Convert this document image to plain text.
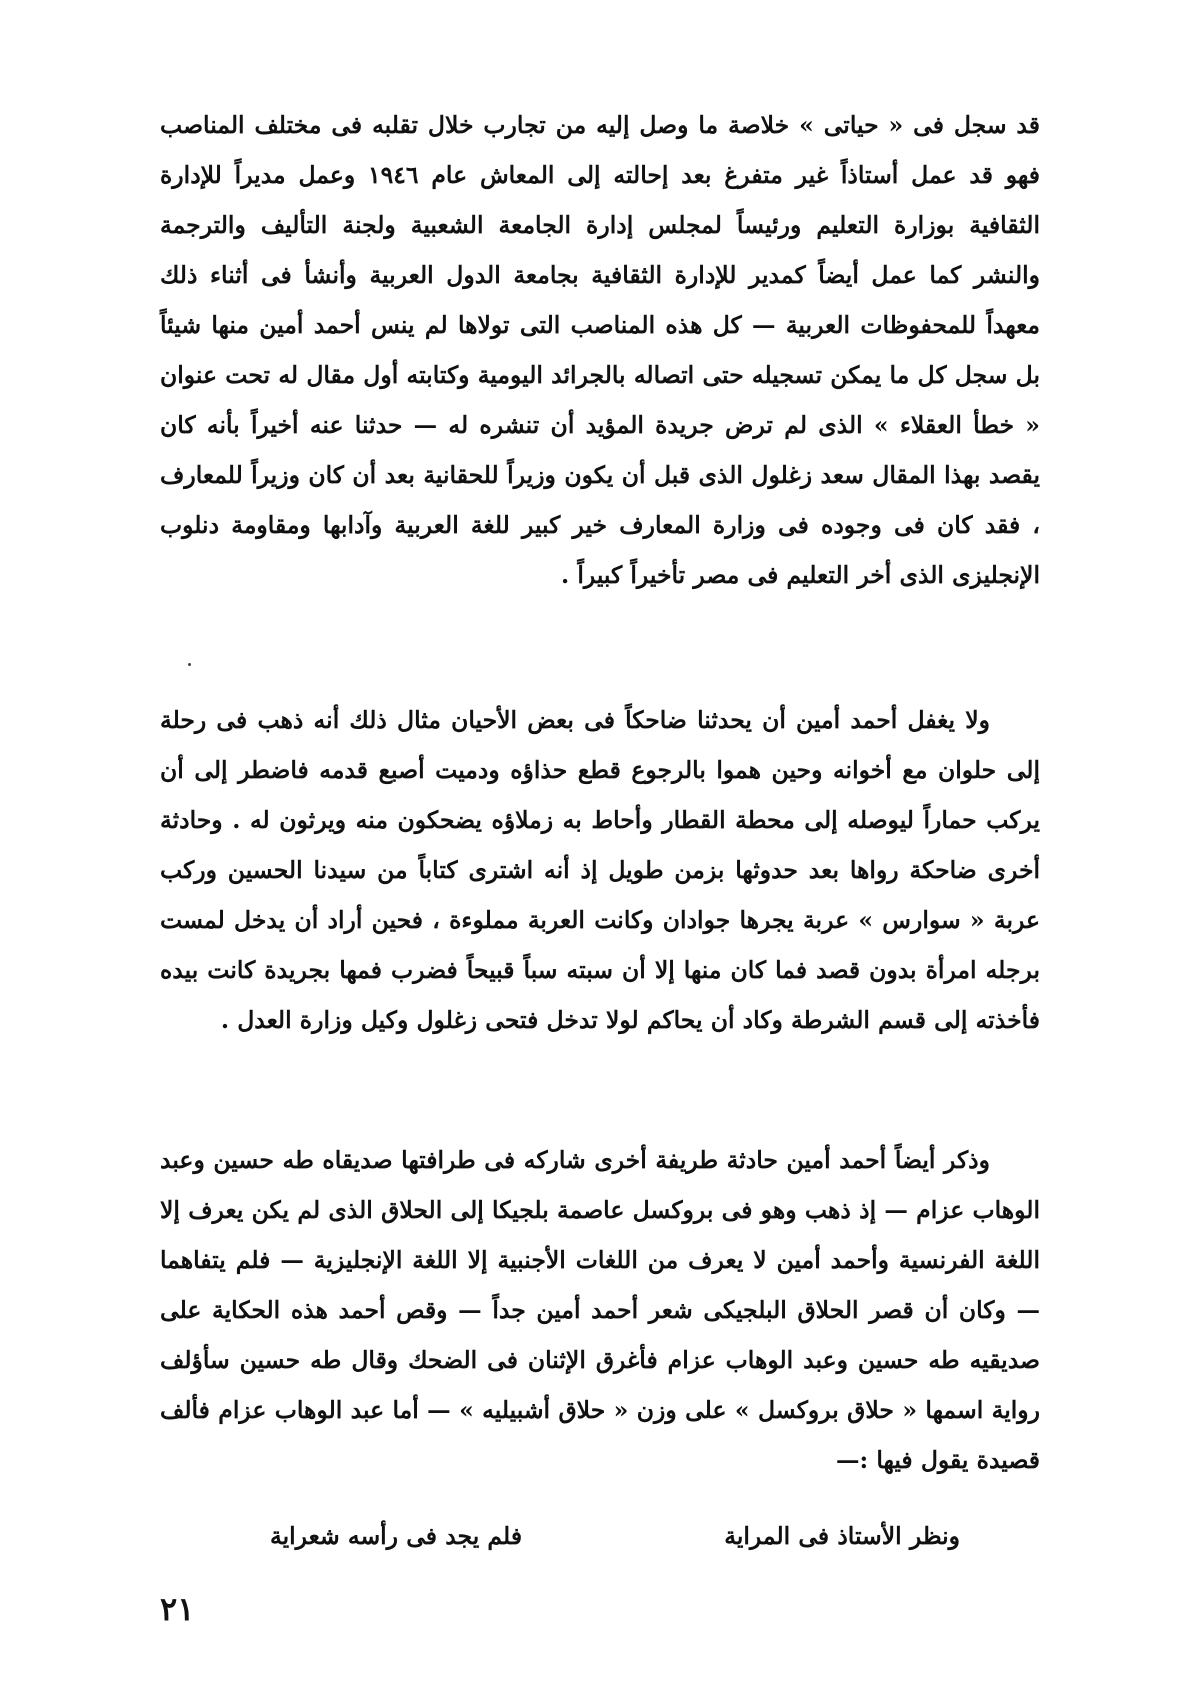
قد سجل فى « حياتى » خلاصة ما وصل إليه من تجارب خلال تقلبه فى مختلف المناصب فهو قد عمل أستاذاً غير متفرغ بعد إحالته إلى المعاش عام ١٩٤٦ وعمل مديراً للإدارة الثقافية بوزارة التعليم ورئيساً لمجلس إدارة الجامعة الشعبية ولجنة التأليف والترجمة والنشر كما عمل أيضاً كمدير للإدارة الثقافية بجامعة الدول العربية وأنشأ فى أثناء ذلك معهداً للمحفوظات العربية — كل هذه المناصب التى تولاها لم ينس أحمد أمين منها شيئاً بل سجل كل ما يمكن تسجيله حتى اتصاله بالجرائد اليومية وكتابته أول مقال له تحت عنوان « خطأ العقلاء » الذى لم ترض جريدة المؤيد أن تنشره له — حدثنا عنه أخيراً بأنه كان يقصد بهذا المقال سعد زغلول الذى قبل أن يكون وزيراً للحقانية بعد أن كان وزيراً للمعارف ، فقد كان فى وجوده فى وزارة المعارف خير كبير للغة العربية وآدابها ومقاومة دنلوب الإنجليزى الذى أخر التعليم فى مصر تأخيراً كبيراً .

ولا يغفل أحمد أمين أن يحدثنا ضاحكاً فى بعض الأحيان مثال ذلك أنه ذهب فى رحلة إلى حلوان مع أخوانه وحين هموا بالرجوع قطع حذاؤه ودميت أصبع قدمه فاضطر إلى أن يركب حماراً ليوصله إلى محطة القطار وأحاط به زملاؤه يضحكون منه ويرثون له . وحادثة أخرى ضاحكة رواها بعد حدوثها بزمن طويل إذ أنه اشترى كتاباً من سيدنا الحسين وركب عربة « سوارس » عربة يجرها جوادان وكانت العربة مملوءة ، فحين أراد أن يدخل لمست برجله امرأة بدون قصد فما كان منها إلا أن سبته سباً قبيحاً فضرب فمها بجريدة كانت بيده فأخذته إلى قسم الشرطة وكاد أن يحاكم لولا تدخل فتحى زغلول وكيل وزارة العدل .

وذكر أيضاً أحمد أمين حادثة طريفة أخرى شاركه فى طرافتها صديقاه طه حسين وعبد الوهاب عزام — إذ ذهب وهو فى بروكسل عاصمة بلجيكا إلى الحلاق الذى لم يكن يعرف إلا اللغة الفرنسية وأحمد أمين لا يعرف من اللغات الأجنبية إلا اللغة الإنجليزية — فلم يتفاهما — وكان أن قصر الحلاق البلجيكى شعر أحمد أمين جداً — وقص أحمد هذه الحكاية على صديقيه طه حسين وعبد الوهاب عزام فأغرق الإثنان فى الضحك وقال طه حسين سأؤلف رواية اسمها « حلاق بروكسل » على وزن « حلاق أشبيليه » — أما عبد الوهاب عزام فألف قصيدة يقول فيها :—

ونظر الأستاذ فى المراية
فلم يجد فى رأسه شعراية
٢١
